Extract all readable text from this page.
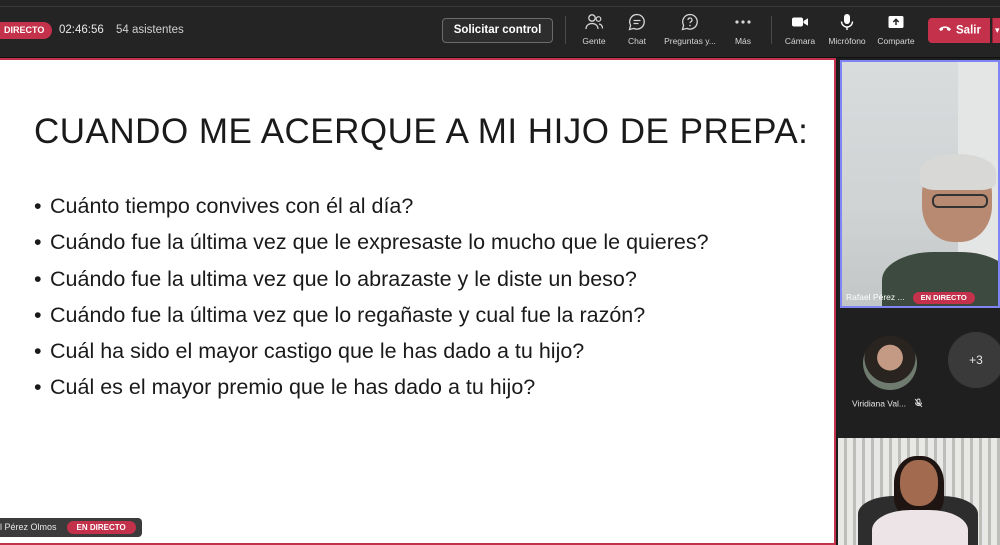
DIRECTO	02:46:56 54 asistentes	Solicitar control
Gente	Chat	Preguntas y...	Más	Cámara	Micrófono	Comparte
Salir	▾
CUANDO ME ACERQUE A MI HIJO DE PREPA:
• Cuánto tiempo convives con él al día?
• Cuándo fue la última vez que le expresaste lo mucho que le quieres?
• Cuándo fue la ultima vez que lo abrazaste y le diste un beso?
• Cuándo fue la última vez que lo regañaste y cual fue la razón?
• Cuál ha sido el mayor castigo que le has dado a tu hijo?
• Cuál es el mayor premio que le has dado a tu hijo?
l Pérez Olmos	EN DIRECTO
Rafael Pérez ... EN DIRECTO
Viridiana Val...
+3
